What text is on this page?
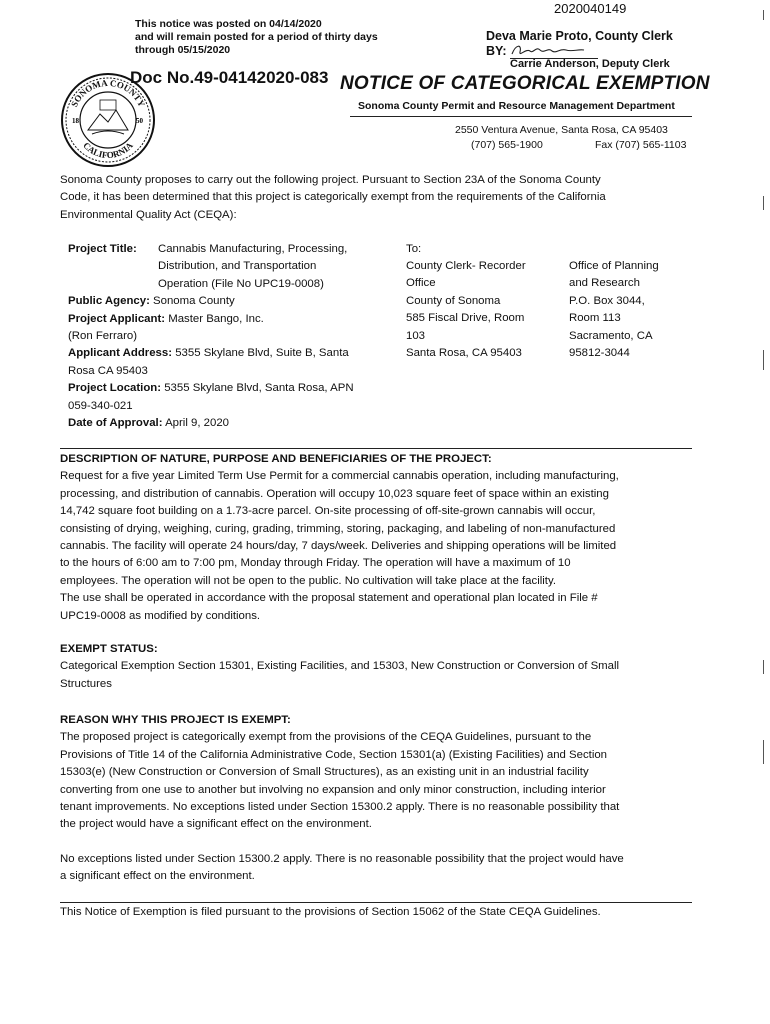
2020040149
This notice was posted on 04/14/2020
and will remain posted for a period of thirty days
through 05/15/2020
Deva Marie Proto, County Clerk
BY:
Carrie Anderson, Deputy Clerk
SONOMA COUNTY
CALIFORNIA
18	50
Doc No.49-04142020-083 NOTICE OF CATEGORICAL EXEMPTION
Sonoma County Permit and Resource Management Department
2550 Ventura Avenue, Santa Rosa, CA 95403
(707) 565-1900	Fax (707) 565-1103
Sonoma County proposes to carry out the following project. Pursuant to Section 23A of the Sonoma County
Code, it has been determined that this project is categorically exempt from the requirements of the California
Environmental Quality Act (CEQA):
Project Title:	Cannabis Manufacturing, Processing,
Distribution, and Transportation
Operation (File No UPC19-0008)
Public Agency: Sonoma County
Project Applicant: Master Bango, Inc.
(Ron Ferraro)
Applicant Address: 5355 Skylane Blvd, Suite B, Santa
Rosa CA 95403
Project Location: 5355 Skylane Blvd, Santa Rosa, APN
059-340-021
Date of Approval: April 9, 2020
To:
County Clerk- Recorder
Office
County of Sonoma
585 Fiscal Drive, Room
103
Santa Rosa, CA 95403
Office of Planning
and Research
P.O. Box 3044,
Room 113
Sacramento, CA
95812-3044
DESCRIPTION OF NATURE, PURPOSE AND BENEFICIARIES OF THE PROJECT:
Request for a five year Limited Term Use Permit for a commercial cannabis operation, including manufacturing,
processing, and distribution of cannabis. Operation will occupy 10,023 square feet of space within an existing
14,742 square foot building on a 1.73-acre parcel. On-site processing of off-site-grown cannabis will occur,
consisting of drying, weighing, curing, grading, trimming, storing, packaging, and labeling of non-manufactured
cannabis. The facility will operate 24 hours/day, 7 days/week. Deliveries and shipping operations will be limited
to the hours of 6:00 am to 7:00 pm, Monday through Friday. The operation will have a maximum of 10
employees. The operation will not be open to the public. No cultivation will take place at the facility.
The use shall be operated in accordance with the proposal statement and operational plan located in File #
UPC19-0008 as modified by conditions.
EXEMPT STATUS:
Categorical Exemption Section 15301, Existing Facilities, and 15303, New Construction or Conversion of Small
Structures
REASON WHY THIS PROJECT IS EXEMPT:
The proposed project is categorically exempt from the provisions of the CEQA Guidelines, pursuant to the
Provisions of Title 14 of the California Administrative Code, Section 15301(a) (Existing Facilities) and Section
15303(e) (New Construction or Conversion of Small Structures), as an existing unit in an industrial facility
converting from one use to another but involving no expansion and only minor construction, including interior
tenant improvements. No exceptions listed under Section 15300.2 apply. There is no reasonable possibility that
the project would have a significant effect on the environment.
No exceptions listed under Section 15300.2 apply. There is no reasonable possibility that the project would have
a significant effect on the environment.
This Notice of Exemption is filed pursuant to the provisions of Section 15062 of the State CEQA Guidelines.
